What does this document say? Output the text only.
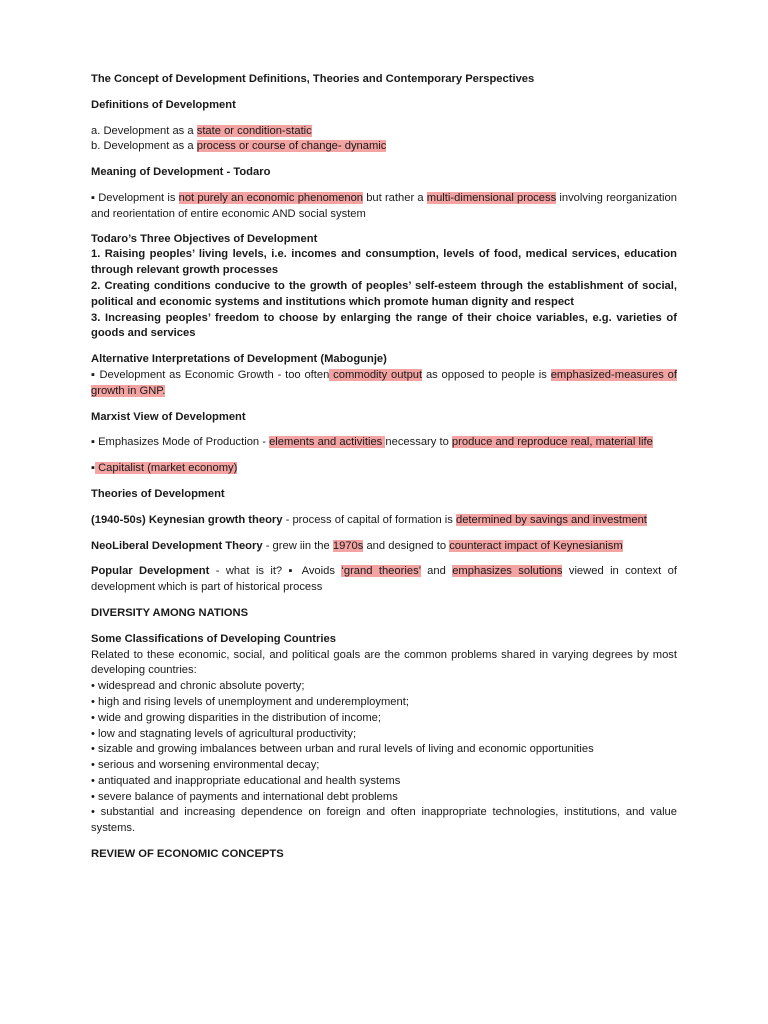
The Concept of Development Definitions, Theories and Contemporary Perspectives

Definitions of Development

a. Development as a state or condition-static

b. Development as a process or course of change- dynamic

Meaning of Development - Todaro

▪ Development is not purely an economic phenomenon but rather a multi-dimensional process involving reorganization and reorientation of entire economic AND social system

Todaro’s Three Objectives of Development

1. Raising peoples’ living levels, i.e. incomes and consumption, levels of food, medical services, education through relevant growth processes

2. Creating conditions conducive to the growth of peoples’ self-esteem through the establishment of social, political and economic systems and institutions which promote human dignity and respect

3. Increasing peoples’ freedom to choose by enlarging the range of their choice variables, e.g. varieties of goods and services

Alternative Interpretations of Development (Mabogunje)

▪ Development as Economic Growth - too often commodity output as opposed to people is emphasized-measures of growth in GNP.

Marxist View of Development

▪ Emphasizes Mode of Production - elements and activities necessary to produce and reproduce real, material life

▪ Capitalist (market economy)

Theories of Development

(1940-50s) Keynesian growth theory - process of capital of formation is determined by savings and investment

NeoLiberal Development Theory - grew iin the 1970s and designed to counteract impact of Keynesianism

Popular Development - what is it? ▪ Avoids ‘grand theories’ and emphasizes solutions viewed in context of development which is part of historical process

DIVERSITY AMONG NATIONS

Some Classifications of Developing Countries

Related to these economic, social, and political goals are the common problems shared in varying degrees by most developing countries:

• widespread and chronic absolute poverty;

• high and rising levels of unemployment and underemployment;

• wide and growing disparities in the distribution of income;

• low and stagnating levels of agricultural productivity;

• sizable and growing imbalances between urban and rural levels of living and economic opportunities

• serious and worsening environmental decay;

• antiquated and inappropriate educational and health systems

• severe balance of payments and international debt problems

• substantial and increasing dependence on foreign and often inappropriate technologies, institutions, and value systems.

REVIEW OF ECONOMIC CONCEPTS
